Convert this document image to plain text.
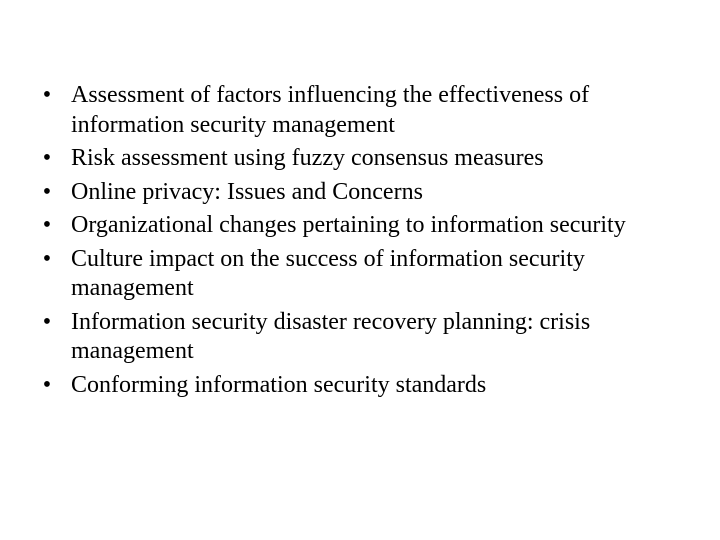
• Assessment of factors influencing the effectiveness of information security management
• Risk assessment using fuzzy consensus measures
• Online privacy: Issues and Concerns
• Organizational changes pertaining to information security
• Culture impact on the success of information security management
• Information security disaster recovery planning: crisis management
• Conforming information security standards
